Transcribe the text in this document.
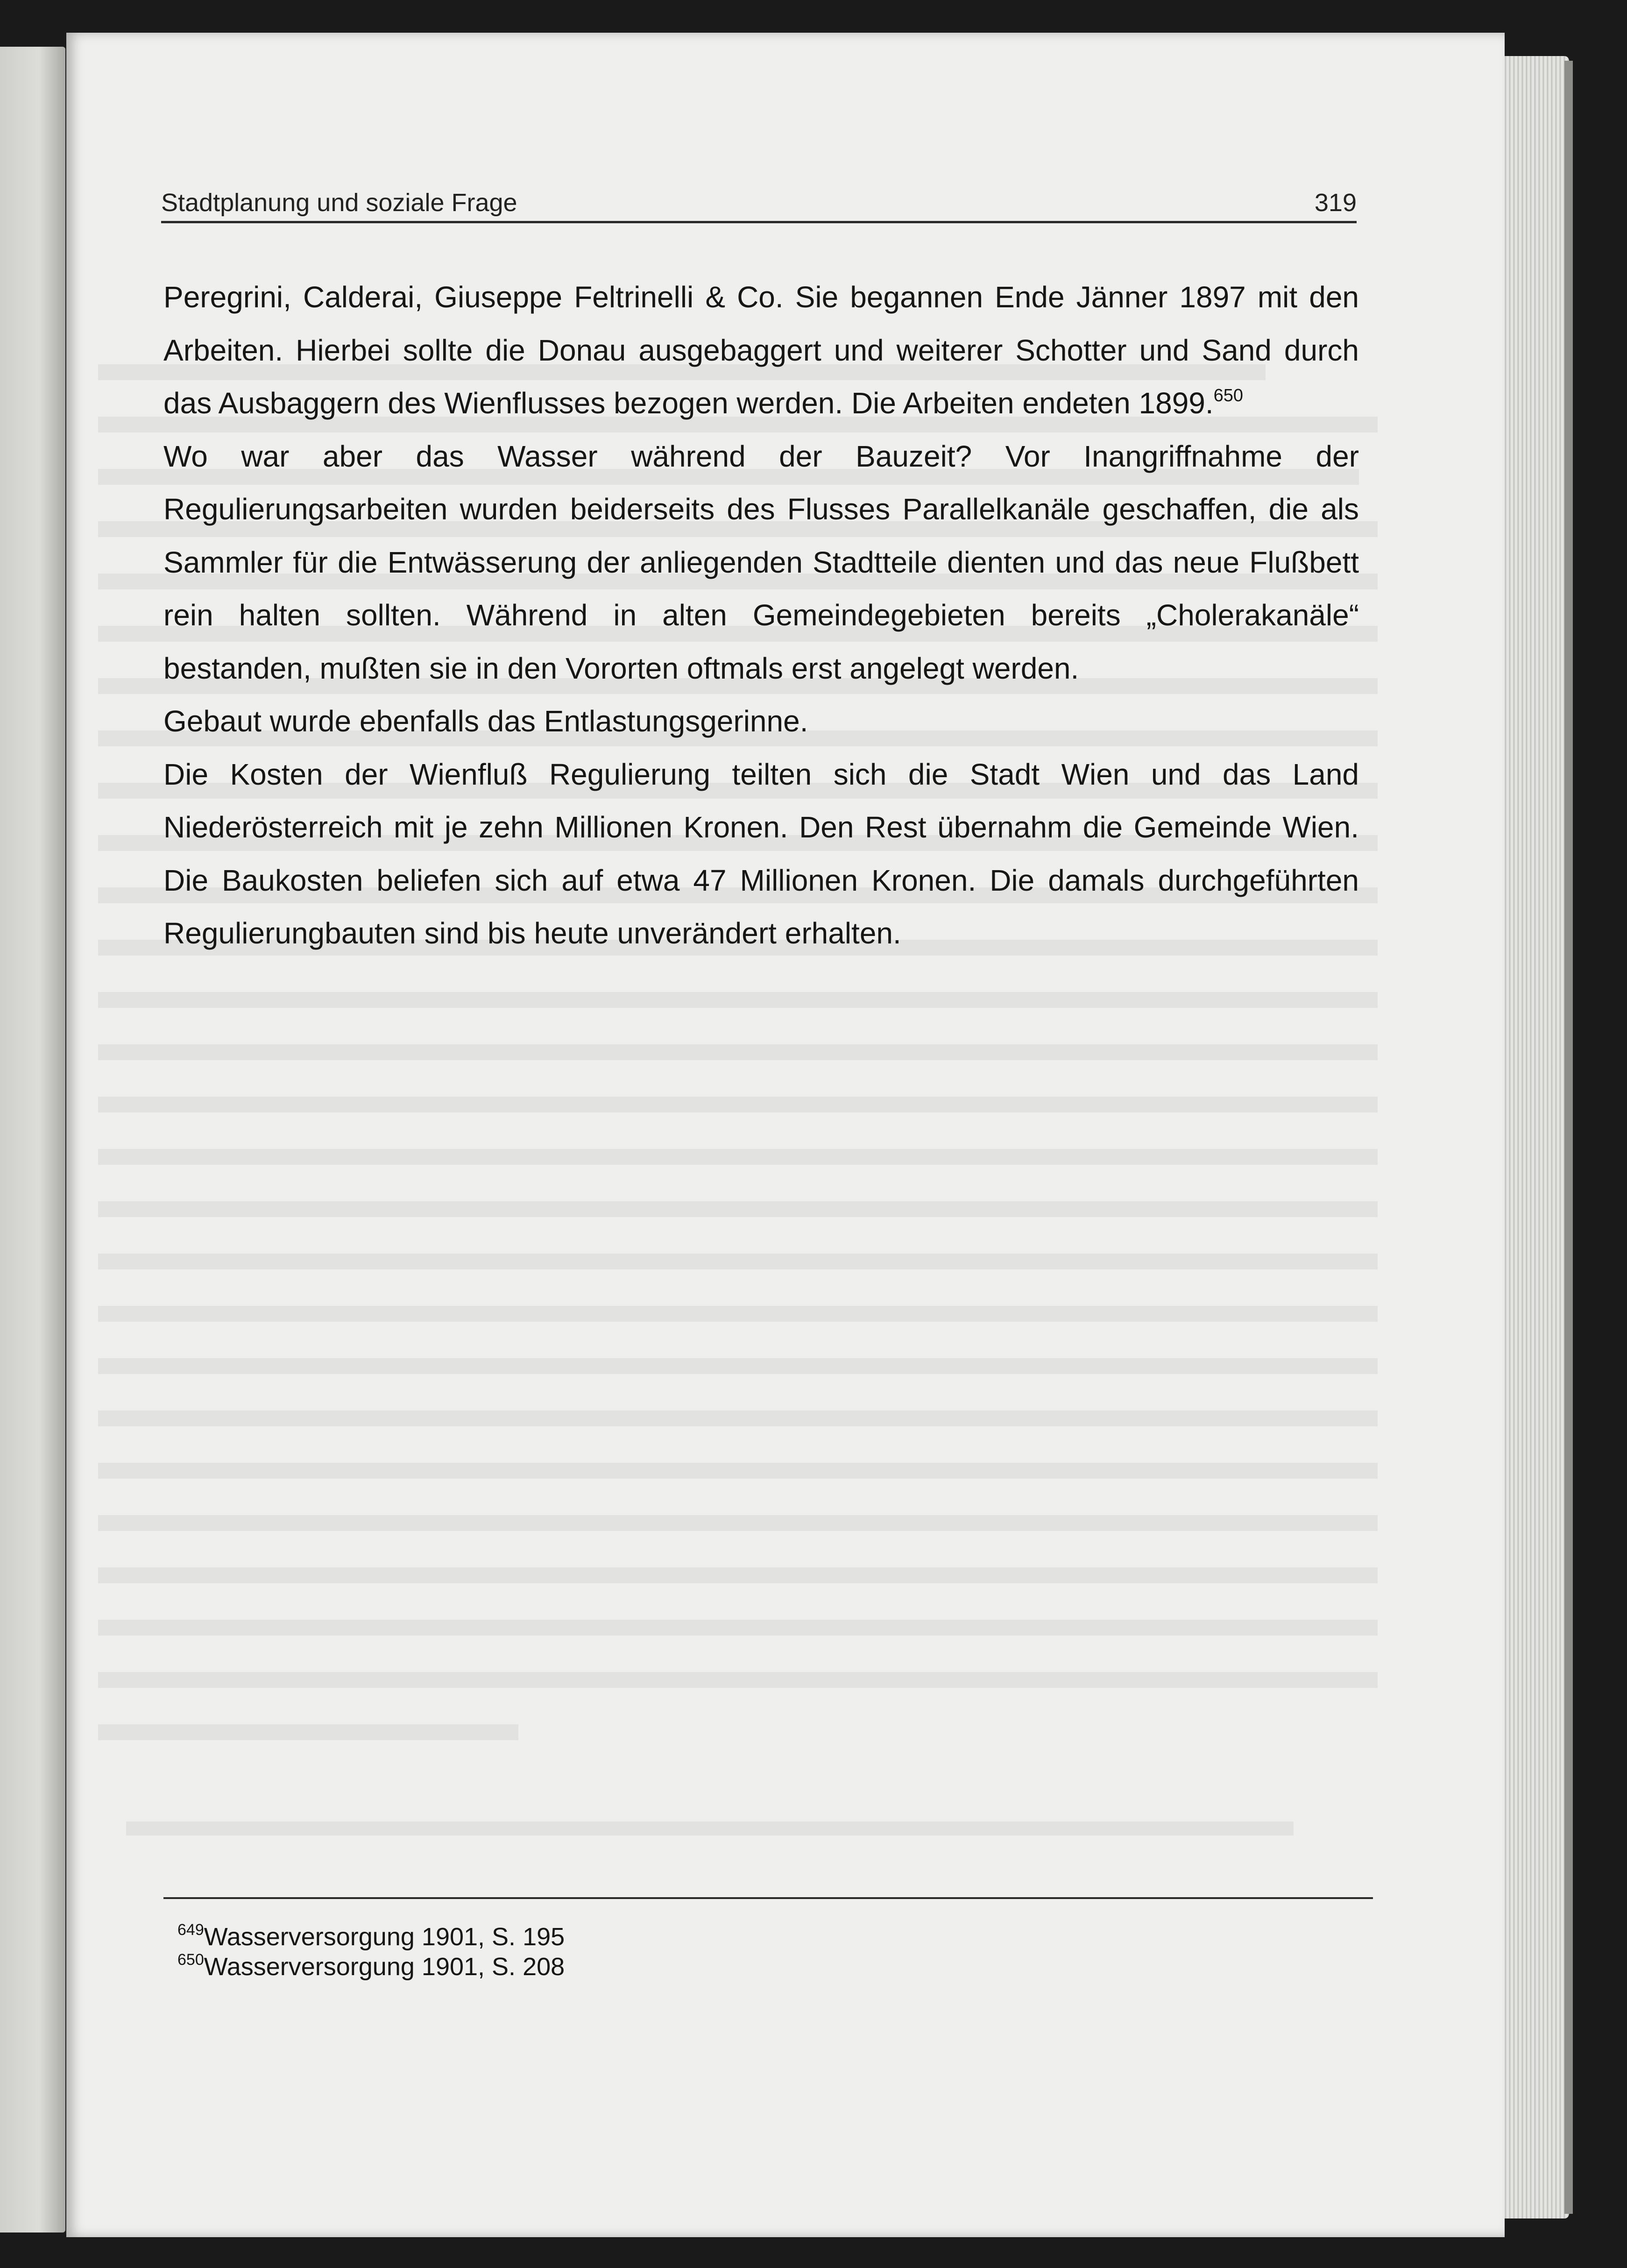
Stadtplanung und soziale Frage	319

Peregrini, Calderai, Giuseppe Feltrinelli & Co. Sie begannen Ende Jänner 1897 mit den Arbeiten. Hierbei sollte die Donau ausgebaggert und weiterer Schotter und Sand durch das Ausbaggern des Wienflusses bezogen werden. Die Arbeiten endeten 1899.$^{650}$

Wo war aber das Wasser während der Bauzeit? Vor Inangriffnahme der Regulierungsarbeiten wurden beiderseits des Flusses Parallelkanäle geschaffen, die als Sammler für die Entwässerung der anliegenden Stadtteile dienten und das neue Flußbett rein halten sollten. Während in alten Gemeindegebieten bereits „Cholerakanäle“ bestanden, mußten sie in den Vororten oftmals erst angelegt werden.

Gebaut wurde ebenfalls das Entlastungsgerinne.

Die Kosten der Wienfluß Regulierung teilten sich die Stadt Wien und das Land Niederösterreich mit je zehn Millionen Kronen. Den Rest übernahm die Gemeinde Wien. Die Baukosten beliefen sich auf etwa 47 Millionen Kronen. Die damals durchgeführten Regulierungbauten sind bis heute unverändert erhalten.

$^{649}$Wasserversorgung 1901, S. 195
$^{650}$Wasserversorgung 1901, S. 208
